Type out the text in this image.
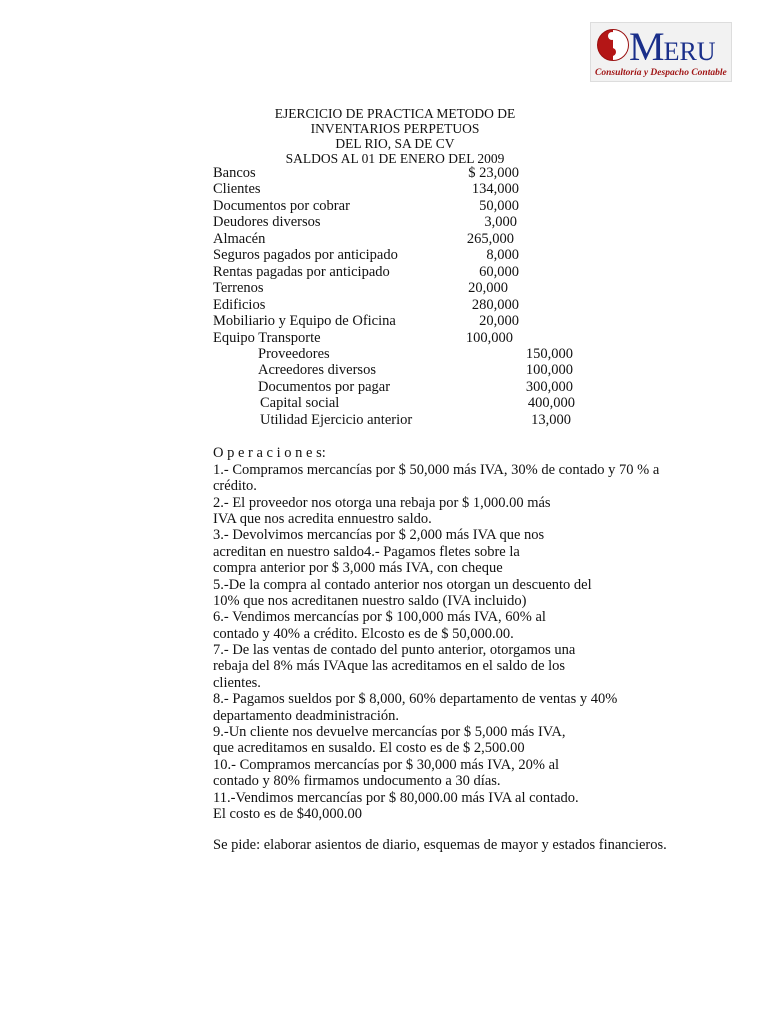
MERU
Consultoría y Despacho Contable
EJERCICIO DE PRACTICA METODO DE
INVENTARIOS PERPETUOS
DEL RIO, SA DE CV
SALDOS AL 01 DE ENERO DEL 2009
Bancos	$ 23,000
Clientes	134,000
Documentos por cobrar	50,000
Deudores diversos	3,000
Almacén	265,000
Seguros pagados por anticipado	8,000
Rentas pagadas por anticipado	60,000
Terrenos	20,000
Edificios	280,000
Mobiliario y Equipo de Oficina	20,000
Equipo Transporte	100,000
Proveedores	150,000
Acreedores diversos	100,000
Documentos por pagar	300,000
Capital social	400,000
Utilidad Ejercicio anterior	13,000
O p e r a c i o n e s:
1.- Compramos mercancías por $ 50,000 más IVA, 30% de contado y 70 % a
crédito.
2.- El proveedor nos otorga una rebaja por $ 1,000.00 más
IVA que nos acredita ennuestro saldo.
3.- Devolvimos mercancías por $ 2,000 más IVA que nos
acreditan en nuestro saldo4.- Pagamos fletes sobre la
compra anterior por $ 3,000 más IVA, con cheque
5.-De la compra al contado anterior nos otorgan un descuento del
10% que nos acreditanen nuestro saldo (IVA incluido)
6.- Vendimos mercancías por $ 100,000 más IVA, 60% al
contado y 40% a crédito. Elcosto es de $ 50,000.00.
7.- De las ventas de contado del punto anterior, otorgamos una
rebaja del 8% más IVAque las acreditamos en el saldo de los
clientes.
8.- Pagamos sueldos por $ 8,000, 60% departamento de ventas y 40%
departamento deadministración.
9.-Un cliente nos devuelve mercancías por $ 5,000 más IVA,
que acreditamos en susaldo. El costo es de $ 2,500.00
10.- Compramos mercancías por $ 30,000 más IVA, 20% al
contado y 80% firmamos undocumento a 30 días.
11.-Vendimos mercancías por $ 80,000.00 más IVA al contado.
El costo es de $40,000.00
Se pide: elaborar asientos de diario, esquemas de mayor y estados financieros.
